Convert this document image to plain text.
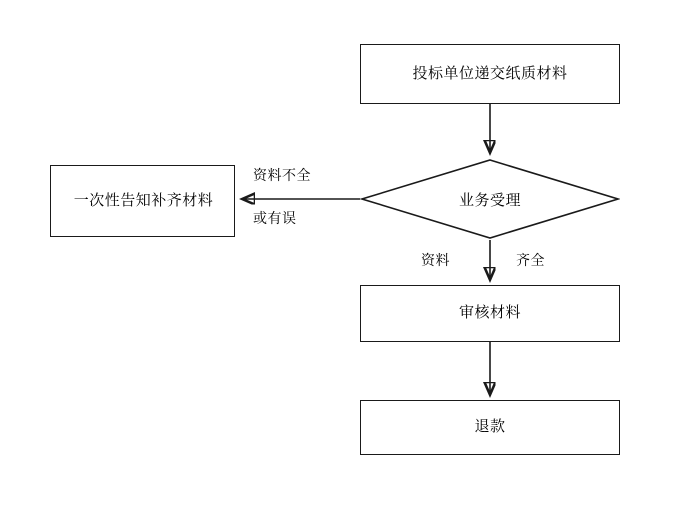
投标单位递交纸质材料
业务受理
一次性告知补齐材料
审核材料
退款
资料不全
或有误
资料	齐全
